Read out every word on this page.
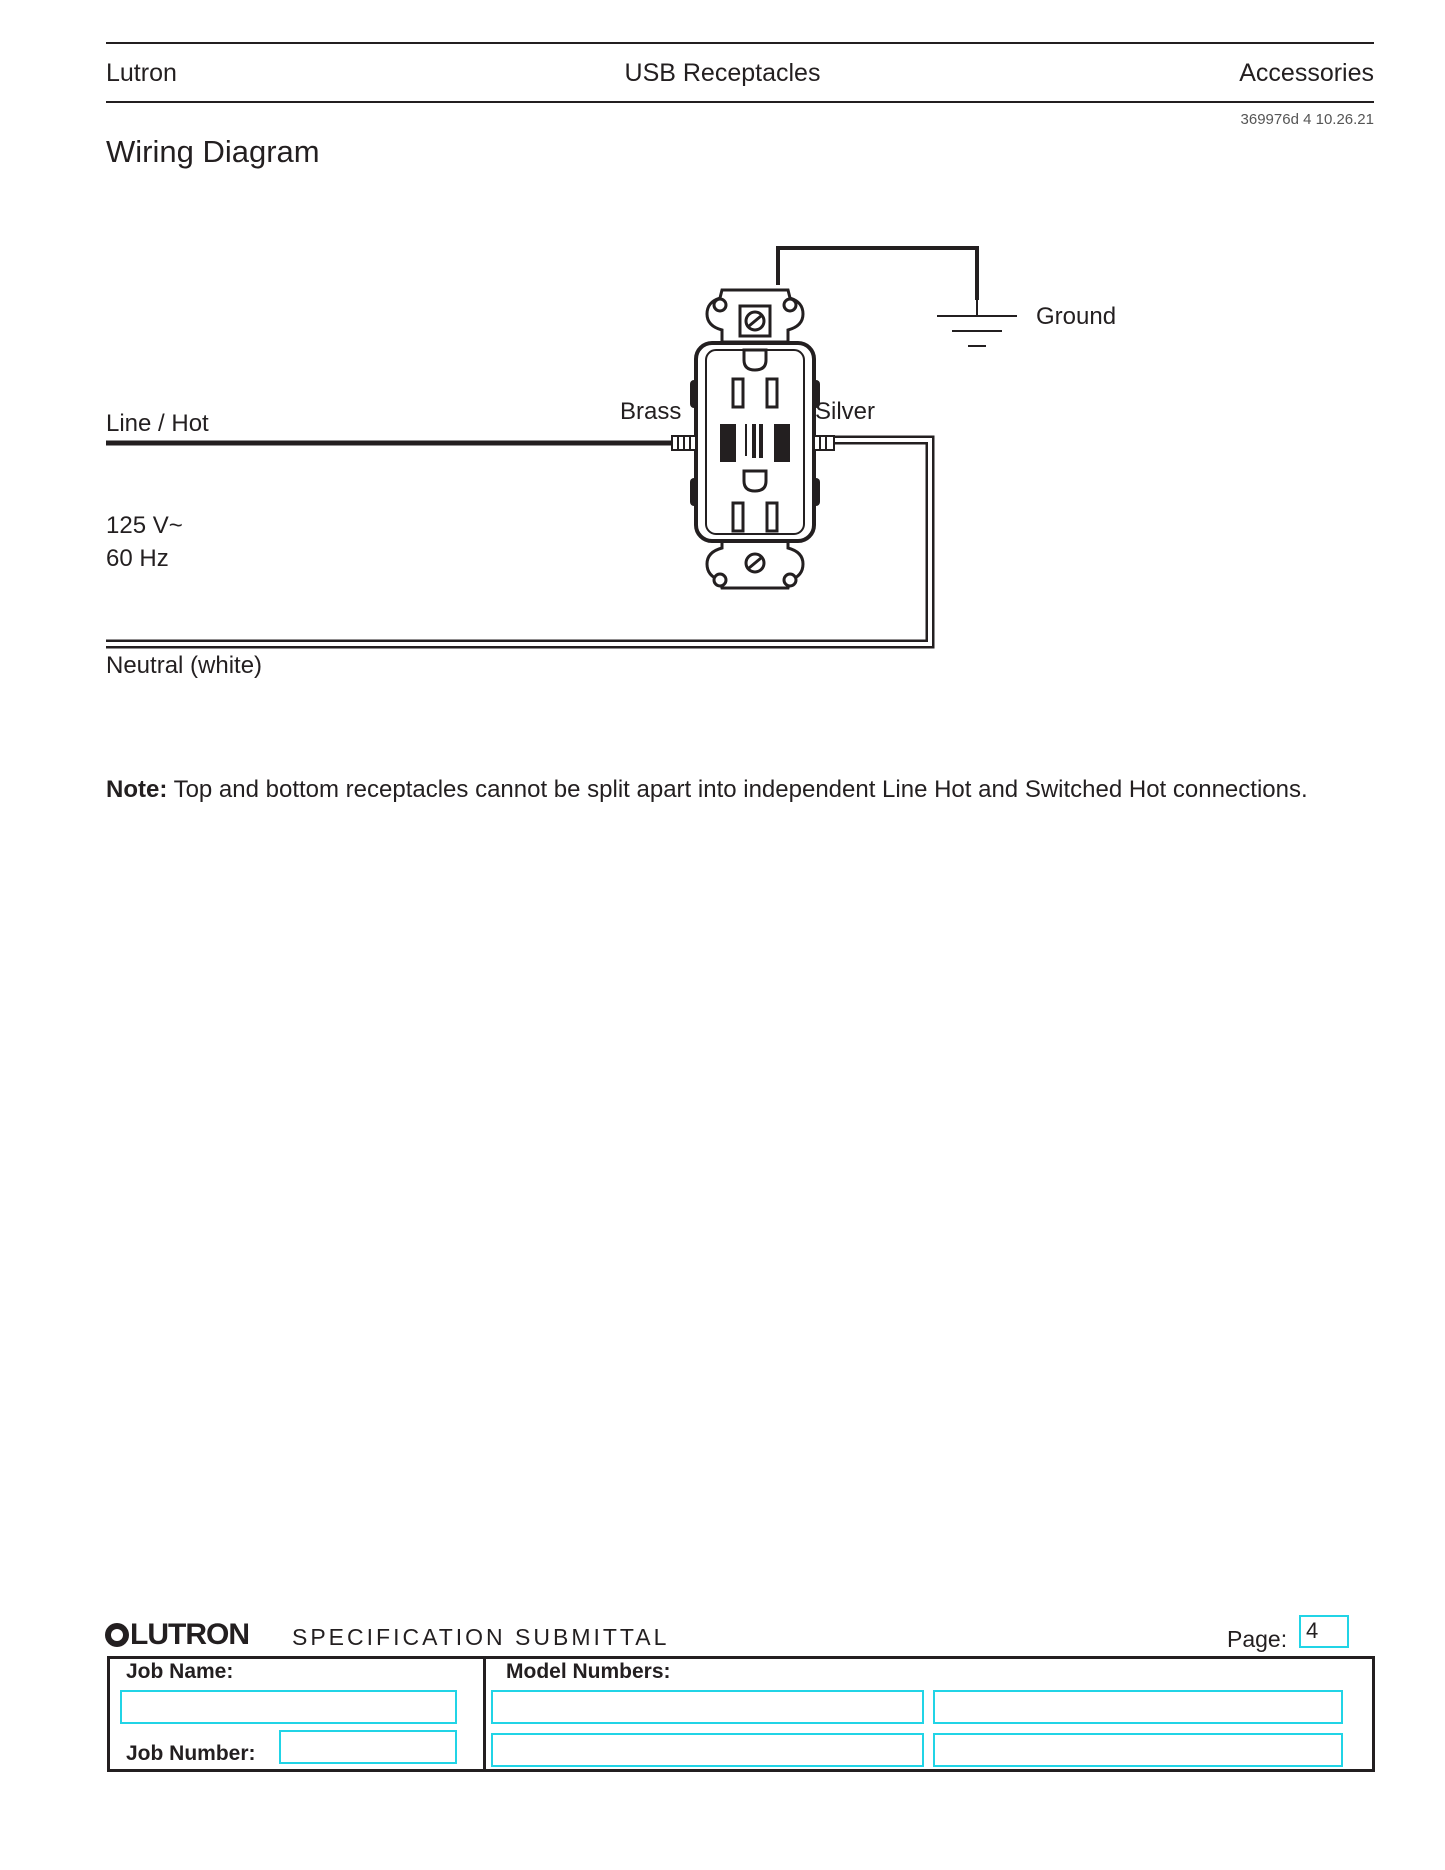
Lutron	USB Receptacles	Accessories
369976d 4 10.26.21
Wiring Diagram
Line / Hot
125 V~
60 Hz
Neutral (white)
Brass	Silver
Ground
Note: Top and bottom receptacles cannot be split apart into independent Line Hot and Switched Hot connections.
LUTRON SPECIFICATION SUBMITTAL	Page: 4
Job Name:
Job Number:
Model Numbers:
